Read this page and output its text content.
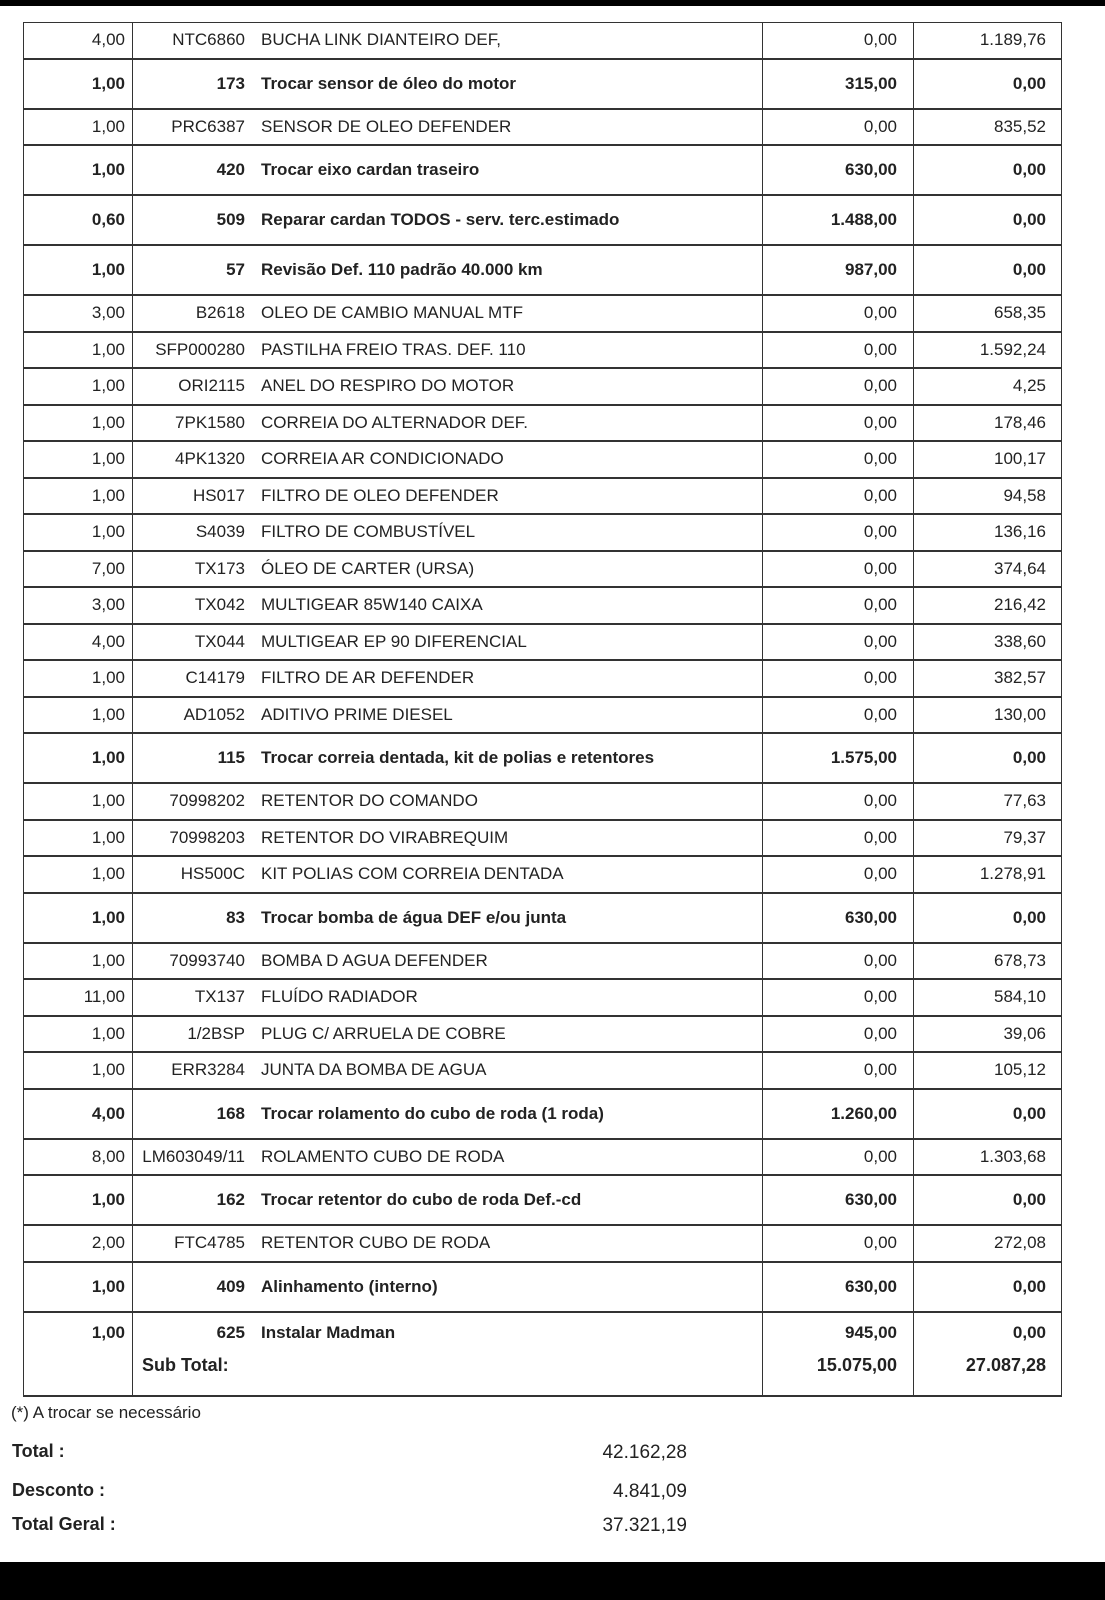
4,00	NTC6860	BUCHA LINK DIANTEIRO DEF,	0,00	1.189,76
1,00	173	Trocar sensor de óleo do motor	315,00	0,00
1,00	PRC6387	SENSOR DE OLEO DEFENDER	0,00	835,52
1,00	420	Trocar eixo cardan traseiro	630,00	0,00
0,60	509	Reparar cardan TODOS - serv. terc.estimado	1.488,00	0,00
1,00	57	Revisão Def. 110 padrão 40.000 km	987,00	0,00
3,00	B2618	OLEO DE CAMBIO MANUAL MTF	0,00	658,35
1,00	SFP000280	PASTILHA FREIO TRAS. DEF. 110	0,00	1.592,24
1,00	ORI2115	ANEL DO RESPIRO DO MOTOR	0,00	4,25
1,00	7PK1580	CORREIA DO ALTERNADOR DEF.	0,00	178,46
1,00	4PK1320	CORREIA AR CONDICIONADO	0,00	100,17
1,00	HS017	FILTRO DE OLEO DEFENDER	0,00	94,58
1,00	S4039	FILTRO DE COMBUSTÍVEL	0,00	136,16
7,00	TX173	ÓLEO DE CARTER (URSA)	0,00	374,64
3,00	TX042	MULTIGEAR 85W140 CAIXA	0,00	216,42
4,00	TX044	MULTIGEAR EP 90 DIFERENCIAL	0,00	338,60
1,00	C14179	FILTRO DE AR DEFENDER	0,00	382,57
1,00	AD1052	ADITIVO PRIME DIESEL	0,00	130,00
1,00	115	Trocar correia dentada, kit de polias e retentores	1.575,00	0,00
1,00	70998202	RETENTOR DO COMANDO	0,00	77,63
1,00	70998203	RETENTOR DO VIRABREQUIM	0,00	79,37
1,00	HS500C	KIT POLIAS COM CORREIA DENTADA	0,00	1.278,91
1,00	83	Trocar bomba de água DEF e/ou junta	630,00	0,00
1,00	70993740	BOMBA D AGUA DEFENDER	0,00	678,73
11,00	TX137	FLUÍDO RADIADOR	0,00	584,10
1,00	1/2BSP	PLUG C/ ARRUELA DE COBRE	0,00	39,06
1,00	ERR3284	JUNTA DA BOMBA DE AGUA	0,00	105,12
4,00	168	Trocar rolamento do cubo de roda (1 roda)	1.260,00	0,00
8,00	LM603049/11	ROLAMENTO CUBO DE RODA	0,00	1.303,68
1,00	162	Trocar retentor do cubo de roda Def.-cd	630,00	0,00
2,00	FTC4785	RETENTOR CUBO DE RODA	0,00	272,08
1,00	409	Alinhamento (interno)	630,00	0,00
1,00	625	Instalar Madman	945,00	0,00
	Sub Total:		15.075,00	27.087,28
(*) A trocar se necessário
Total :	42.162,28
Desconto :	4.841,09
Total Geral :	37.321,19
